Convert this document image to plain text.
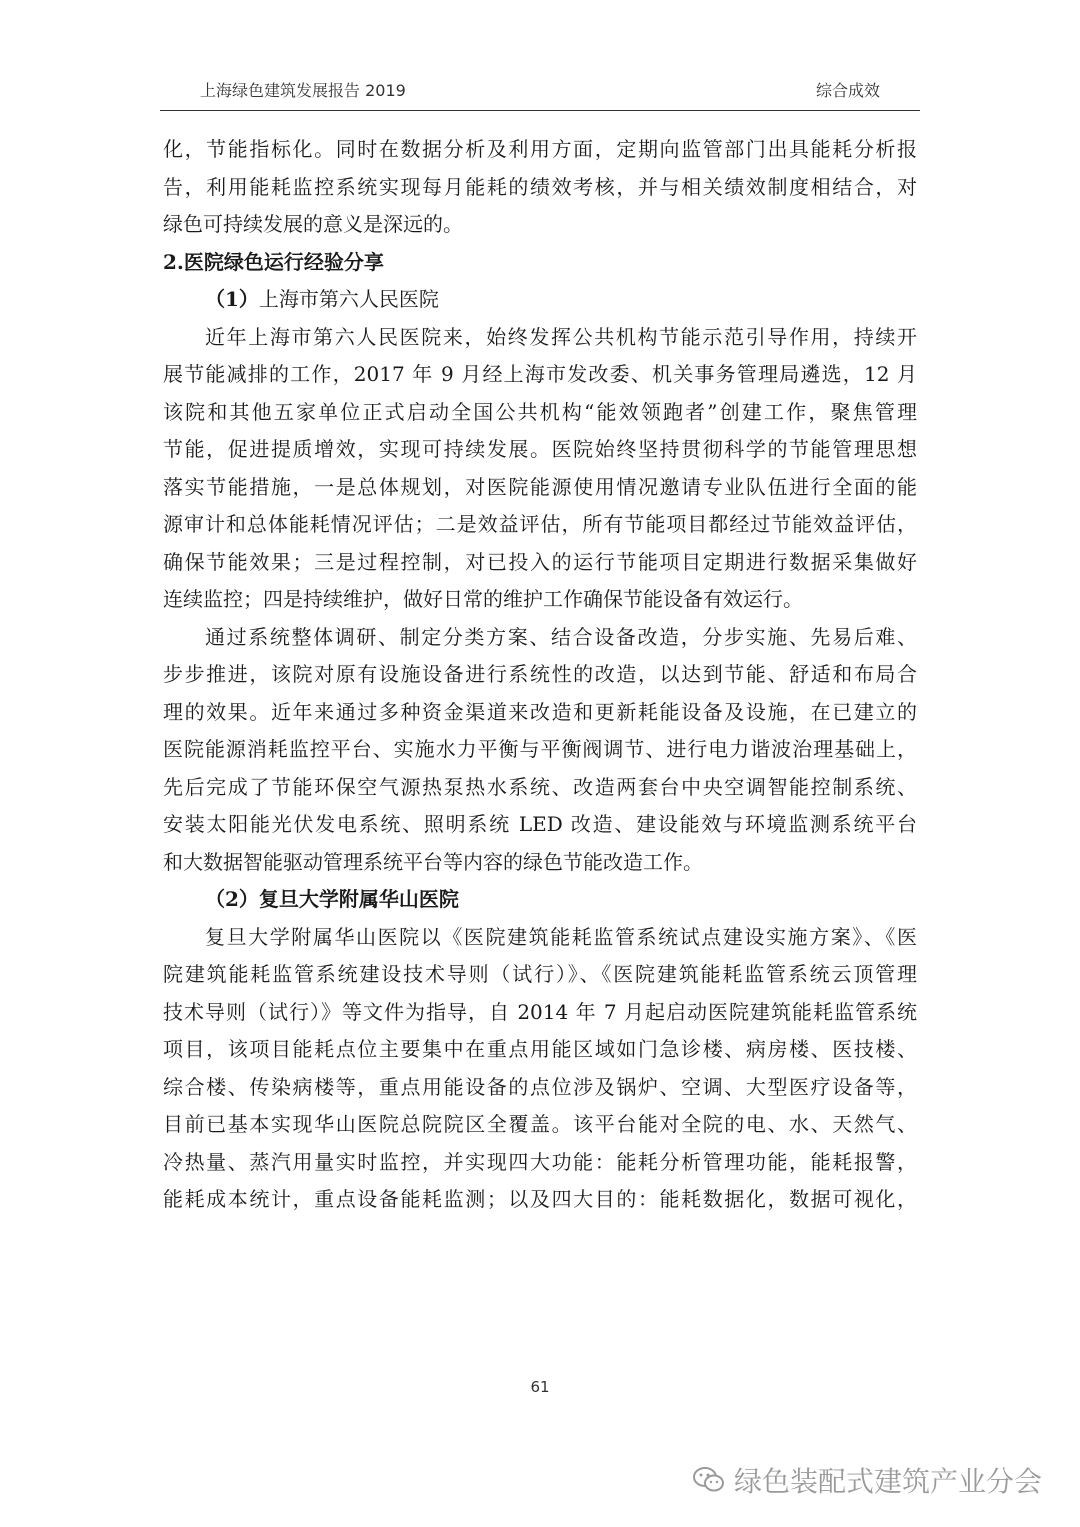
上海绿色建筑发展报告 2019	综合成效
化，节能指标化。同时在数据分析及利用方面，定期向监管部门出具能耗分析报
告，利用能耗监控系统实现每月能耗的绩效考核，并与相关绩效制度相结合，对
绿色可持续发展的意义是深远的。
2.医院绿色运行经验分享
（1）上海市第六人民医院
近年上海市第六人民医院来，始终发挥公共机构节能示范引导作用，持续开
展节能减排的工作，2017 年 9 月经上海市发改委、机关事务管理局遴选，12 月
该院和其他五家单位正式启动全国公共机构“能效领跑者”创建工作，聚焦管理
节能，促进提质增效，实现可持续发展。医院始终坚持贯彻科学的节能管理思想
落实节能措施，一是总体规划，对医院能源使用情况邀请专业队伍进行全面的能
源审计和总体能耗情况评估；二是效益评估，所有节能项目都经过节能效益评估，
确保节能效果；三是过程控制，对已投入的运行节能项目定期进行数据采集做好
连续监控；四是持续维护，做好日常的维护工作确保节能设备有效运行。
通过系统整体调研、制定分类方案、结合设备改造，分步实施、先易后难、
步步推进，该院对原有设施设备进行系统性的改造，以达到节能、舒适和布局合
理的效果。近年来通过多种资金渠道来改造和更新耗能设备及设施，在已建立的
医院能源消耗监控平台、实施水力平衡与平衡阀调节、进行电力谐波治理基础上，
先后完成了节能环保空气源热泵热水系统、改造两套台中央空调智能控制系统、
安装太阳能光伏发电系统、照明系统 LED 改造、建设能效与环境监测系统平台
和大数据智能驱动管理系统平台等内容的绿色节能改造工作。
（2）复旦大学附属华山医院
复旦大学附属华山医院以《医院建筑能耗监管系统试点建设实施方案》、《医
院建筑能耗监管系统建设技术导则（试行）》、《医院建筑能耗监管系统云顶管理
技术导则（试行）》等文件为指导，自 2014 年 7 月起启动医院建筑能耗监管系统
项目，该项目能耗点位主要集中在重点用能区域如门急诊楼、病房楼、医技楼、
综合楼、传染病楼等，重点用能设备的点位涉及锅炉、空调、大型医疗设备等，
目前已基本实现华山医院总院院区全覆盖。该平台能对全院的电、水、天然气、
冷热量、蒸汽用量实时监控，并实现四大功能：能耗分析管理功能，能耗报警，
能耗成本统计，重点设备能耗监测；以及四大目的：能耗数据化，数据可视化，
61
绿色装配式建筑产业分会
